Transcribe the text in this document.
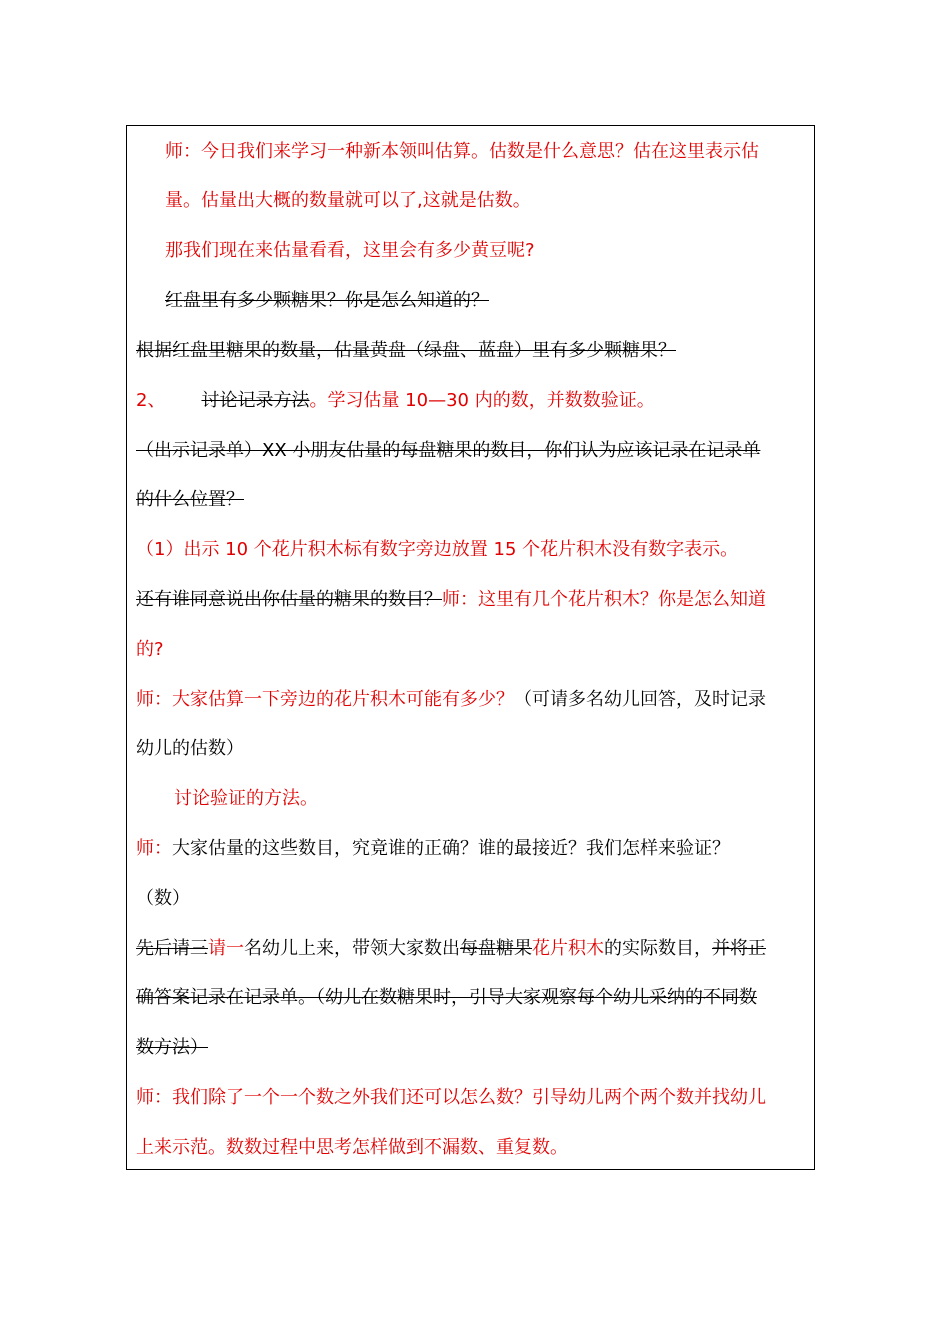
师：今日我们来学习一种新本领叫估算。估数是什么意思？估在这里表示估
量。估量出大概的数量就可以了,这就是估数。
那我们现在来估量看看，这里会有多少黄豆呢?
红盘里有多少颗糖果？你是怎么知道的？
根据红盘里糖果的数量，估量黄盘（绿盘、蓝盘）里有多少颗糖果？
2、 讨论记录方法。学习估量 10—30 内的数，并数数验证。
（出示记录单）XX 小朋友估量的每盘糖果的数目，你们认为应该记录在记录单
的什么位置？
（1）出示 10 个花片积木标有数字旁边放置 15 个花片积木没有数字表示。
还有谁同意说出你估量的糖果的数目？师：这里有几个花片积木？你是怎么知道
的?
师：大家估算一下旁边的花片积木可能有多少？（可请多名幼儿回答，及时记录
幼儿的估数）
讨论验证的方法。
师：大家估量的这些数目，究竟谁的正确？谁的最接近？我们怎样来验证？
（数）
先后请三请一名幼儿上来，带领大家数出每盘糖果花片积木的实际数目，并将正
确答案记录在记录单。（幼儿在数糖果时，引导大家观察每个幼儿采纳的不同数
数方法）
师：我们除了一个一个数之外我们还可以怎么数？引导幼儿两个两个数并找幼儿
上来示范。数数过程中思考怎样做到不漏数、重复数。
